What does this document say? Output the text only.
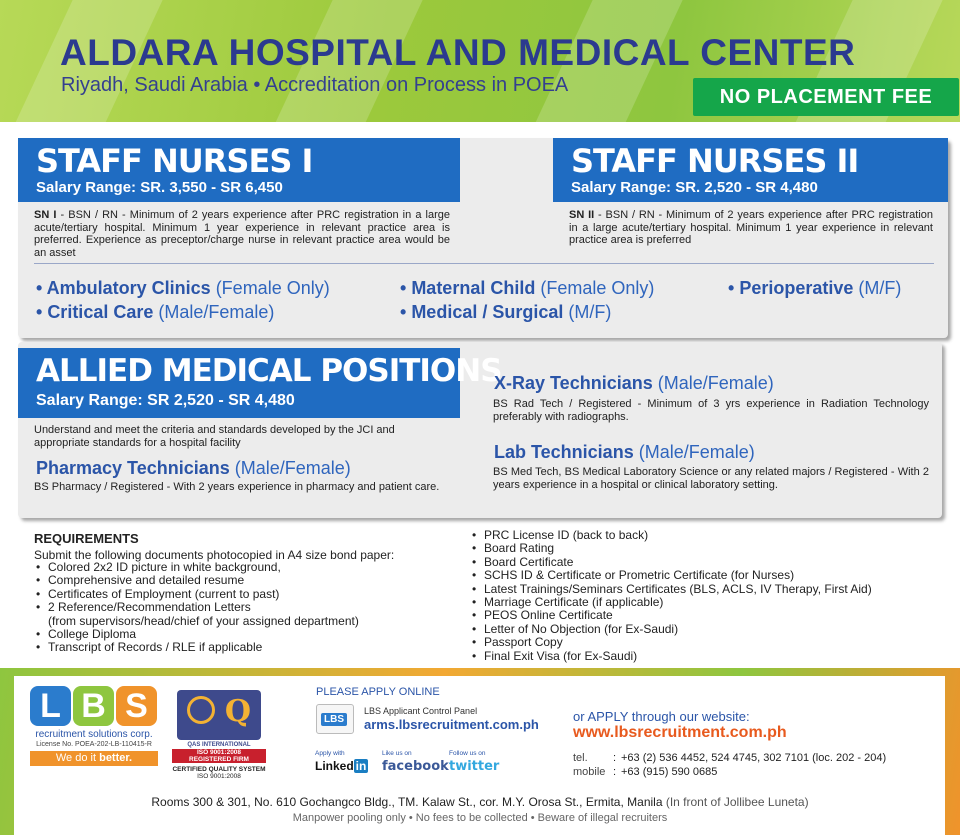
ALDARA HOSPITAL AND MEDICAL CENTER
Riyadh, Saudi Arabia • Accreditation on Process in POEA
NO PLACEMENT FEE
STAFF NURSES I
Salary Range: SR. 3,550 - SR 6,450
SN I - BSN / RN - Minimum of 2 years experience after PRC registration in a large acute/tertiary hospital. Minimum 1 year experience in relevant practice area is preferred. Experience as preceptor/charge nurse in relevant practice area would be an asset
STAFF NURSES II
Salary Range: SR. 2,520 - SR 4,480
SN II - BSN / RN - Minimum of 2 years experience after PRC registration in a large acute/tertiary hospital. Minimum 1 year experience in relevant practice area is preferred
• Ambulatory Clinics (Female Only)
• Critical Care (Male/Female)
• Maternal Child (Female Only)
• Medical / Surgical (M/F)
• Perioperative (M/F)
ALLIED MEDICAL POSITIONS
Salary Range: SR 2,520 - SR 4,480
Understand and meet the criteria and standards developed by the JCI and appropriate standards for a hospital facility
Pharmacy Technicians (Male/Female)
BS Pharmacy / Registered - With 2 years experience in pharmacy and patient care.
X-Ray Technicians (Male/Female)
BS Rad Tech / Registered - Minimum of 3 yrs experience in Radiation Technology preferably with radiographs.
Lab Technicians (Male/Female)
BS Med Tech, BS Medical Laboratory Science or any related majors / Registered - With 2 years experience in a hospital or clinical laboratory setting.
REQUIREMENTS
Submit the following documents photocopied in A4 size bond paper:
• Colored 2x2 ID picture in white background,
• Comprehensive and detailed resume
• Certificates of Employment (current to past)
• 2 Reference/Recommendation Letters
(from supervisors/head/chief of your assigned department)
• College Diploma
• Transcript of Records / RLE if applicable
• PRC License ID (back to back)
• Board Rating
• Board Certificate
• SCHS ID & Certificate or Prometric Certificate (for Nurses)
• Latest Trainings/Seminars Certificates (BLS, ACLS, IV Therapy, First Aid)
• Marriage Certificate (if applicable)
• PEOS Online Certificate
• Letter of No Objection (for Ex-Saudi)
• Passport Copy
• Final Exit Visa (for Ex-Saudi)
L B S
recruitment solutions corp.
License No. POEA-202-LB-110415-R
We do it better.
Q
QAS INTERNATIONAL
ISO 9001:2008
REGISTERED FIRM
CERTIFIED QUALITY SYSTEM
ISO 9001:2008
PLEASE APPLY ONLINE
LBS
LBS Applicant Control Panel
arms.lbsrecruitment.com.ph
Apply with
Linked in
Like us on
facebook
Follow us on
twitter
or APPLY through our website:
www.lbsrecruitment.com.ph
tel. : +63 (2) 536 4452, 524 4745, 302 7101 (loc. 202 - 204)
mobile : +63 (915) 590 0685
Rooms 300 & 301, No. 610 Gochangco Bldg., TM. Kalaw St., cor. M.Y. Orosa St., Ermita, Manila (In front of Jollibee Luneta)
Manpower pooling only • No fees to be collected • Beware of illegal recruiters
